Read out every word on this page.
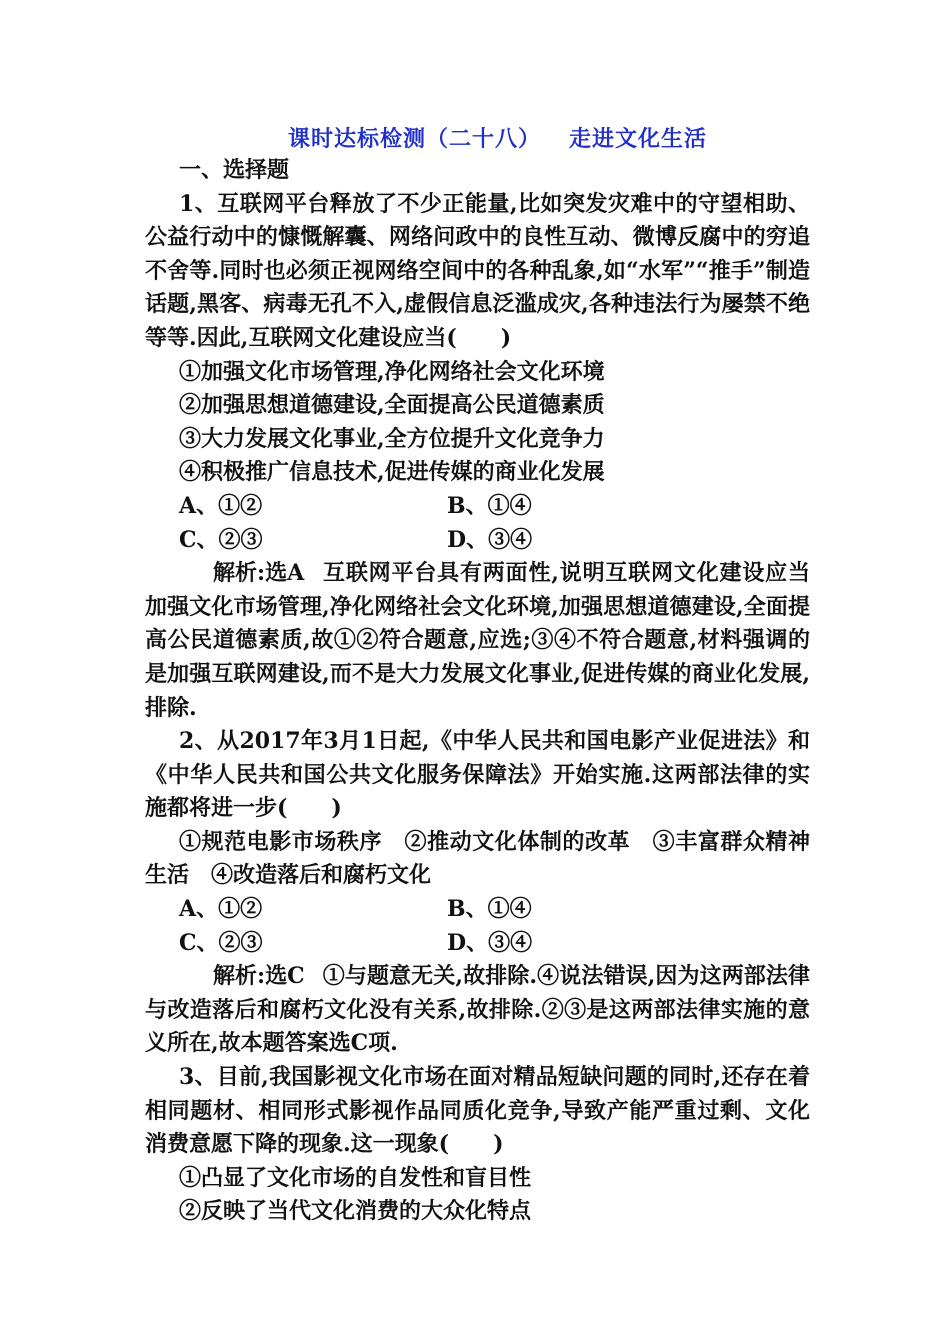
课时达标检测（二十八） 走进文化生活

一、选择题

1、互联网平台释放了不少正能量,比如突发灾难中的守望相助、公益行动中的慷慨解囊、网络问政中的良性互动、微博反腐中的穷追不舍等.同时也必须正视网络空间中的各种乱象,如“水军”“推手”制造话题,黑客、病毒无孔不入,虚假信息泛滥成灾,各种违法行为屡禁不绝等等.因此,互联网文化建设应当(　　)

①加强文化市场管理,净化网络社会文化环境

②加强思想道德建设,全面提高公民道德素质

③大力发展文化事业,全方位提升文化竞争力

④积极推广信息技术,促进传媒的商业化发展

A、①②	B、①④
C、②③	D、③④

解析:选A 互联网平台具有两面性,说明互联网文化建设应当加强文化市场管理,净化网络社会文化环境,加强思想道德建设,全面提高公民道德素质,故①②符合题意,应选;③④不符合题意,材料强调的是加强互联网建设,而不是大力发展文化事业,促进传媒的商业化发展,排除.

2、从2017年3月1日起,《中华人民共和国电影产业促进法》和《中华人民共和国公共文化服务保障法》开始实施.这两部法律的实施都将进一步(　　)

①规范电影市场秩序　②推动文化体制的改革　③丰富群众精神生活　④改造落后和腐朽文化

A、①②	B、①④
C、②③	D、③④

解析:选C ①与题意无关,故排除.④说法错误,因为这两部法律与改造落后和腐朽文化没有关系,故排除.②③是这两部法律实施的意义所在,故本题答案选C项.

3、目前,我国影视文化市场在面对精品短缺问题的同时,还存在着相同题材、相同形式影视作品同质化竞争,导致产能严重过剩、文化消费意愿下降的现象.这一现象(　　)

①凸显了文化市场的自发性和盲目性

②反映了当代文化消费的大众化特点
